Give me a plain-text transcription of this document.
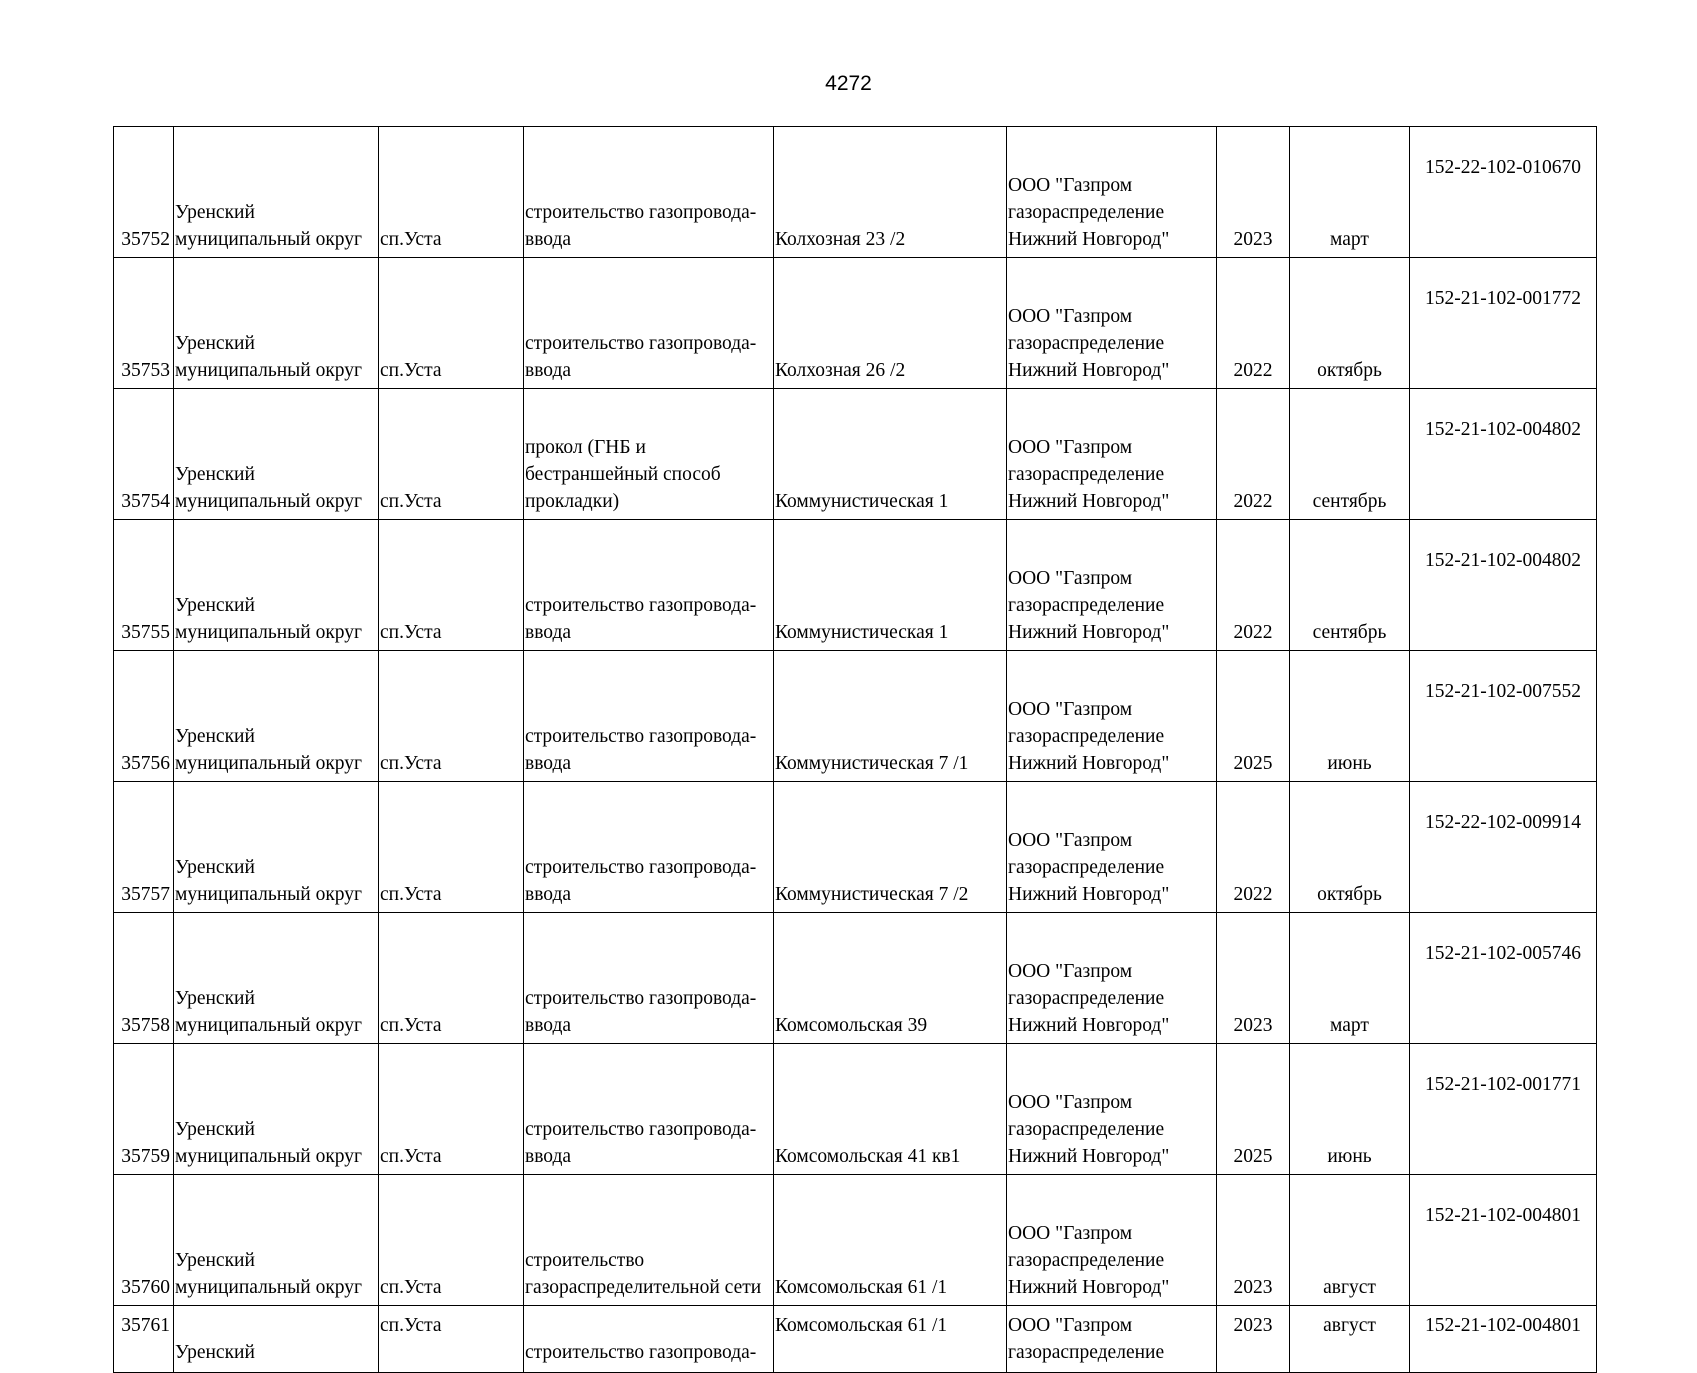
4272
35752	Уренский
муниципальный округ	сп.Уста	строительство газопровода-
ввода	Колхозная 23 /2	ООО "Газпром
газораспределение
Нижний Новгород"	2023	март	152-22-102-010670
35753	Уренский
муниципальный округ	сп.Уста	строительство газопровода-
ввода	Колхозная 26 /2	ООО "Газпром
газораспределение
Нижний Новгород"	2022	октябрь	152-21-102-001772
35754	Уренский
муниципальный округ	сп.Уста	прокол (ГНБ и
бестраншейный способ
прокладки)	Коммунистическая 1	ООО "Газпром
газораспределение
Нижний Новгород"	2022	сентябрь	152-21-102-004802
35755	Уренский
муниципальный округ	сп.Уста	строительство газопровода-
ввода	Коммунистическая 1	ООО "Газпром
газораспределение
Нижний Новгород"	2022	сентябрь	152-21-102-004802
35756	Уренский
муниципальный округ	сп.Уста	строительство газопровода-
ввода	Коммунистическая 7 /1	ООО "Газпром
газораспределение
Нижний Новгород"	2025	июнь	152-21-102-007552
35757	Уренский
муниципальный округ	сп.Уста	строительство газопровода-
ввода	Коммунистическая 7 /2	ООО "Газпром
газораспределение
Нижний Новгород"	2022	октябрь	152-22-102-009914
35758	Уренский
муниципальный округ	сп.Уста	строительство газопровода-
ввода	Комсомольская 39	ООО "Газпром
газораспределение
Нижний Новгород"	2023	март	152-21-102-005746
35759	Уренский
муниципальный округ	сп.Уста	строительство газопровода-
ввода	Комсомольская 41 кв1	ООО "Газпром
газораспределение
Нижний Новгород"	2025	июнь	152-21-102-001771
35760	Уренский
муниципальный округ	сп.Уста	строительство
газораспределительной сети	Комсомольская 61 /1	ООО "Газпром
газораспределение
Нижний Новгород"	2023	август	152-21-102-004801
35761	
Уренский	сп.Уста	
строительство газопровода-	Комсомольская 61 /1	ООО "Газпром
газораспределение	2023	август	152-21-102-004801
